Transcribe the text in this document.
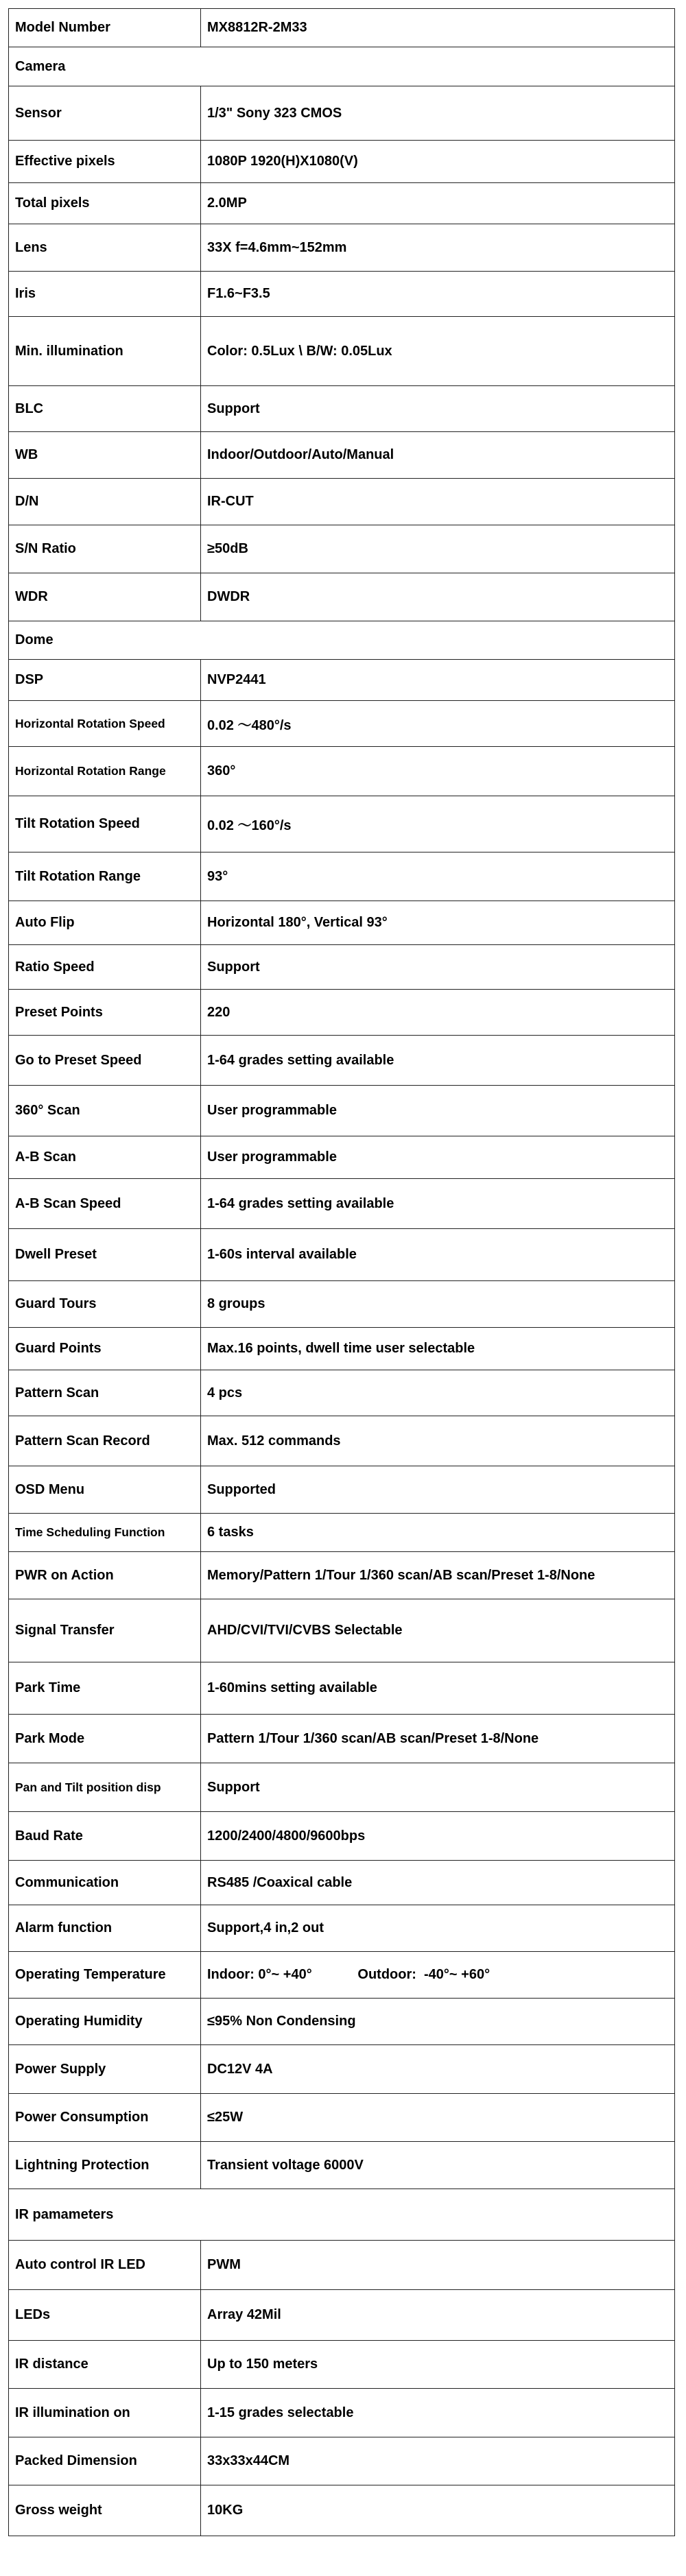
Model Number	MX8812R-2M33
Camera	
Sensor	1/3" Sony 323 CMOS
Effective pixels	1080P 1920(H)X1080(V)
Total pixels	2.0MP
Lens	33X f=4.6mm~152mm
Iris	F1.6~F3.5
Min. illumination	Color: 0.5Lux \ B/W: 0.05Lux
BLC	Support
WB	Indoor/Outdoor/Auto/Manual
D/N	IR-CUT
S/N Ratio	≥50dB
WDR	DWDR
Dome	
DSP	NVP2441
Horizontal Rotation Speed	0.02 ～480°/s
Horizontal Rotation Range	360°
Tilt Rotation Speed	0.02 ～160°/s
Tilt Rotation Range	93°
Auto Flip	Horizontal 180°, Vertical 93°
Ratio Speed	Support
Preset Points	220
Go to Preset Speed	1-64 grades setting available
360° Scan	User programmable
A-B Scan	User programmable
A-B Scan Speed	1-64 grades setting available
Dwell Preset	1-60s interval available
Guard Tours	8 groups
Guard Points	Max.16 points, dwell time user selectable
Pattern Scan	4 pcs
Pattern Scan Record	Max. 512 commands
OSD Menu	Supported
Time Scheduling Function	6 tasks
PWR on Action	Memory/Pattern 1/Tour 1/360 scan/AB scan/Preset 1-8/None
Signal Transfer	AHD/CVI/TVI/CVBS Selectable
Park Time	1-60mins setting available
Park Mode	Pattern 1/Tour 1/360 scan/AB scan/Preset 1-8/None
Pan and Tilt position disp	Support
Baud Rate	1200/2400/4800/9600bps
Communication	RS485 /Coaxical cable
Alarm function	Support,4 in,2 out
Operating Temperature	Indoor: 0°~ +40°            Outdoor:  -40°~ +60°
Operating Humidity	≤95% Non Condensing
Power Supply	DC12V 4A
Power Consumption	≤25W
Lightning Protection	Transient voltage 6000V
IR pamameters	
Auto control IR LED	PWM
LEDs	Array 42Mil
IR distance	Up to 150 meters
IR illumination on	1-15 grades selectable
Packed Dimension	33x33x44CM
Gross weight	10KG
